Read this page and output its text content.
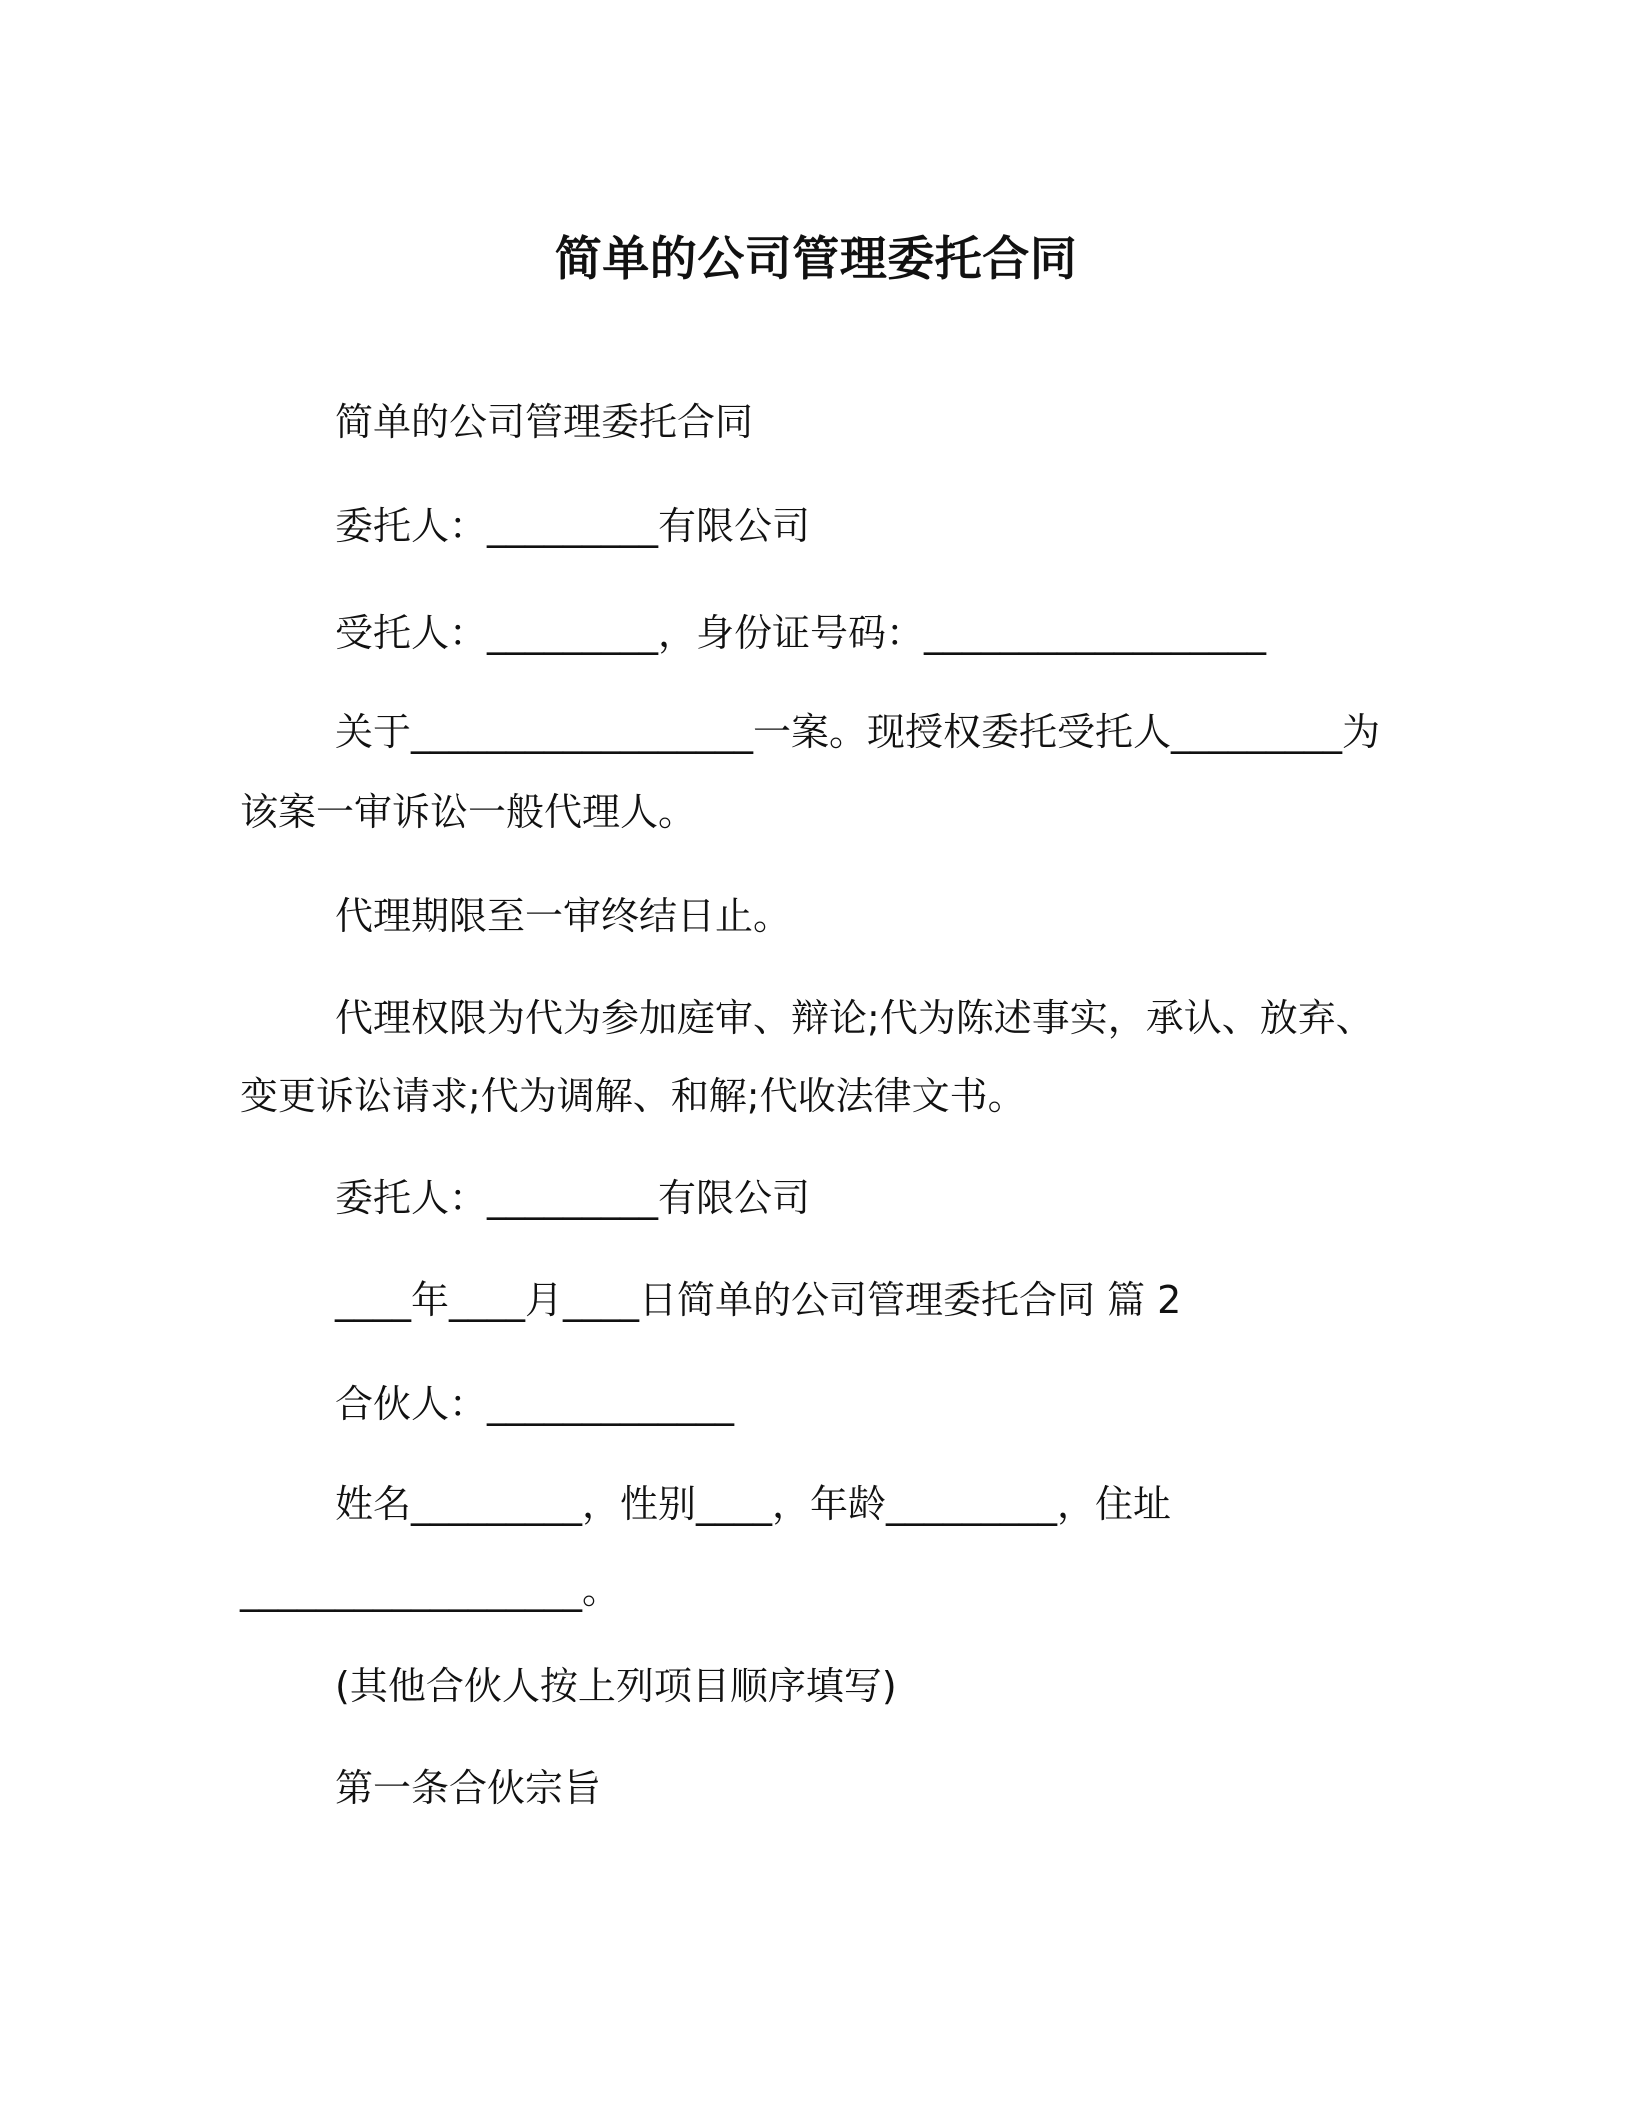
简单的公司管理委托合同
简单的公司管理委托合同
委托人：_________有限公司
受托人：_________，身份证号码：__________________
关于__________________一案。现授权委托受托人_________为
该案一审诉讼一般代理人。
代理期限至一审终结日止。
代理权限为代为参加庭审、辩论;代为陈述事实，承认、放弃、
变更诉讼请求;代为调解、和解;代收法律文书。
委托人：_________有限公司
____年____月____日简单的公司管理委托合同 篇 2
合伙人：_____________
姓名_________，性别____，年龄_________，住址
__________________。
(其他合伙人按上列项目顺序填写)
第一条合伙宗旨
